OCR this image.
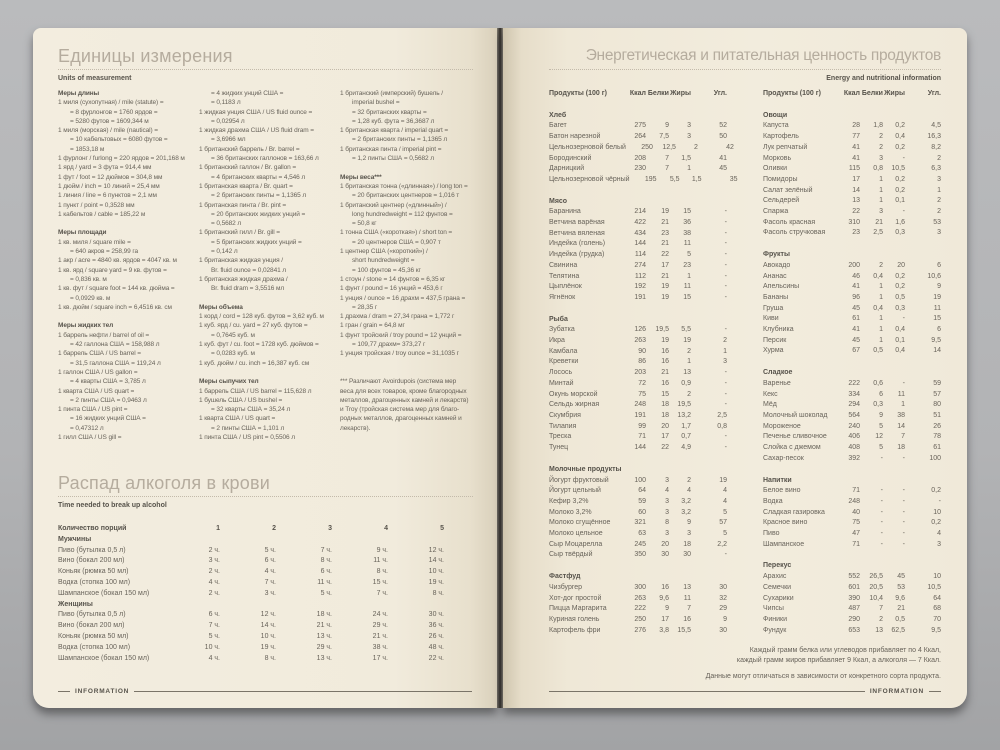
Единицы измерения
Units of measurement
Меры длины
1 миля (сухопутная) / mile (statute) =
= 8 фурлонгов = 1760 ярдов =
= 5280 футов = 1609,344 м
1 миля (морская) / mile (nautical) =
= 10 кабельтовых = 6080 футов =
= 1853,18 м
1 фурлонг / furlong = 220 ярдов = 201,168 м
1 ярд / yard = 3 фута = 914,4 мм
1 фут / foot = 12 дюймов = 304,8 мм
1 дюйм / inch = 10 линий = 25,4 мм
1 линия / line = 6 пунктов = 2,1 мм
1 пункт / point = 0,3528 мм
1 кабельтов / cable = 185,22 м
Меры площади
1 кв. миля / square mile =
= 640 акров = 258,99 га
1 акр / acre = 4840 кв. ярдов = 4047 кв. м
1 кв. ярд / square yard = 9 кв. футов =
= 0,836 кв. м
1 кв. фут / square foot = 144 кв. дюйма =
= 0,0929 кв. м
1 кв. дюйм / square inch = 6,4516 кв. см
Меры жидких тел
1 баррель нефти / barrel of oil =
= 42 галлона США = 158,988 л
1 баррель США / US barrel =
= 31,5 галлона США = 119,24 л
1 галлон США / US gallon =
= 4 кварты США = 3,785 л
1 кварта США / US quart =
= 2 пинты США = 0,9463 л
1 пинта США / US pint =
= 16 жидких унций США =
= 0,47312 л
1 гилл США / US gill =
= 4 жидких унций США =
= 0,1183 л
1 жидкая унция США / US fluid ounce =
= 0,02954 л
1 жидкая драхма США / US fluid dram =
= 3,6966 мл
1 британский баррель / Br. barrel =
= 36 британских галлонов = 163,66 л
1 британский галлон / Br. gallon =
= 4 британских кварты = 4,546 л
1 британская кварта / Br. quart =
= 2 британских пинты = 1,1365 л
1 британская пинта / Br. pint =
= 20 британских жидких унций =
= 0,5682 л
1 британский гилл / Br. gill =
= 5 британских жидких унций =
= 0,142 л
1 британская жидкая унция /
Br. fluid ounce = 0,02841 л
1 британская жидкая драхма /
Br. fluid dram = 3,5516 мл
Меры объема
1 корд / cord = 128 куб. футов = 3,62 куб. м
1 куб. ярд / cu. yard = 27 куб. футов =
= 0,7645 куб. м
1 куб. фут / cu. foot = 1728 куб. дюймов =
= 0,0283 куб. м
1 куб. дюйм / cu. inch = 16,387 куб. см
Меры сыпучих тел
1 баррель США / US barrel = 115,628 л
1 бушель США / US bushel =
= 32 кварты США = 35,24 л
1 кварта США / US quart =
= 2 пинты США = 1,101 л
1 пинта США / US pint = 0,5506 л
1 британский (имперский) бушель /
imperial bushel =
= 32 британских кварты =
= 1,28 куб. фута = 36,3687 л
1 британская кварта / imperial quart =
= 2 британских пинты = 1,1365 л
1 британская пинта / imperial pint =
= 1,2 пинты США = 0,5682 л
Меры веса***
1 британская тонна («длинная») / long ton =
= 20 британских центнеров = 1,016 т
1 британский центнер («длинный») /
long hundredweight = 112 фунтов =
= 50,8 кг
1 тонна США («короткая») / short ton =
= 20 центнеров США = 0,907 т
1 центнер США («короткий») /
short hundredweight =
= 100 фунтов = 45,36 кг
1 стоун / stone = 14 фунтов = 6,35 кг
1 фунт / pound = 16 унций = 453,6 г
1 унция / ounce = 16 драхм = 437,5 грана =
= 28,35 г
1 драхма / dram = 27,34 грана = 1,772 г
1 гран / grain = 64,8 мг
1 фунт тройский / troy pound = 12 унций =
= 109,77 драхм= 373,27 г
1 унция тройская / troy ounce = 31,1035 г
*** Различают Avoirdupois (система мер
веса для всех товаров, кроме благородных
металлов, драгоценных камней и лекарств)
и Troy (тройская система мер для благо-
родных металлов, драгоценных камней и
лекарств).
Распад алкоголя в крови
Time needed to break up alcohol
Количество порций	1	2	3	4	5
Мужчины
Пиво (бутылка 0,5 л)	2 ч.	5 ч.	7 ч.	9 ч.	12 ч.
Вино (бокал 200 мл)	3 ч.	6 ч.	8 ч.	11 ч.	14 ч.
Коньяк (рюмка 50 мл)	2 ч.	4 ч.	6 ч.	8 ч.	10 ч.
Водка (стопка 100 мл)	4 ч.	7 ч.	11 ч.	15 ч.	19 ч.
Шампанское (бокал 150 мл)	2 ч.	3 ч.	5 ч.	7 ч.	8 ч.
Женщины
Пиво (бутылка 0,5 л)	6 ч.	12 ч.	18 ч.	24 ч.	30 ч.
Вино (бокал 200 мл)	7 ч.	14 ч.	21 ч.	29 ч.	36 ч.
Коньяк (рюмка 50 мл)	5 ч.	10 ч.	13 ч.	21 ч.	26 ч.
Водка (стопка 100 мл)	10 ч.	19 ч.	29 ч.	38 ч.	48 ч.
Шампанское (бокал 150 мл)	4 ч.	8 ч.	13 ч.	17 ч.	22 ч.
INFORMATION
Энергетическая и питательная ценность продуктов
Energy and nutritional information
Продукты (100 г)	Ккал Белки Жиры	Угл.
Хлеб
Багет	275	9	3	52
Батон нарезной	264	7,5	3	50
Цельнозерновой белый	250	12,5	2	42
Бородинский	208	7	1,5	41
Дарницкий	230	7	1	45
Цельнозерновой чёрный	195	5,5	1,5	35
Мясо
Баранина	214	19	15	-
Ветчина варёная	422	21	36	-
Ветчина вяленая	434	23	38	-
Индейка (голень)	144	21	11	-
Индейка (грудка)	114	22	5	-
Свинина	274	17	23	-
Телятина	112	21	1	-
Цыплёнок	192	19	11	-
Ягнёнок	191	19	15	-
Рыба
Зубатка	126	19,5	5,5	-
Икра	263	19	19	2
Камбала	90	16	2	1
Креветки	86	16	1	3
Лосось	203	21	13	-
Минтай	72	16	0,9	-
Окунь морской	75	15	2	-
Сельдь жирная	248	18	19,5	-
Скумбрия	191	18	13,2	2,5
Тилапия	99	20	1,7	0,8
Треска	71	17	0,7	-
Тунец	144	22	4,9	-
Молочные продукты
Йогурт фруктовый	100	3	2	19
Йогурт цельный	64	4	4	4
Кефир 3,2%	59	3	3,2	4
Молоко 3,2%	60	3	3,2	5
Молоко сгущённое	321	8	9	57
Молоко цельное	63	3	3	5
Сыр Моцарелла	245	20	18	2,2
Сыр твёрдый	350	30	30	-
Фастфуд
Чизбургер	300	16	13	30
Хот-дог простой	263	9,6	11	32
Пицца Маргарита	222	9	7	29
Куриная голень	250	17	16	9
Картофель фри	276	3,8	15,5	30
Продукты (100 г)	Ккал Белки Жиры	Угл.
Овощи
Капуста	28	1,8	0,2	4,5
Картофель	77	2	0,4	16,3
Лук репчатый	41	2	0,2	8,2
Морковь	41	3	-	2
Оливки	115	0,8	10,5	6,3
Помидоры	17	1	0,2	3
Салат зелёный	14	1	0,2	1
Сельдерей	13	1	0,1	2
Спаржа	22	3	-	2
Фасоль красная	310	21	1,6	53
Фасоль стручковая	23	2,5	0,3	3
Фрукты
Авокадо	200	2	20	6
Ананас	46	0,4	0,2	10,6
Апельсины	41	1	0,2	9
Бананы	96	1	0,5	19
Груша	45	0,4	0,3	11
Киви	61	1	-	15
Клубника	41	1	0,4	6
Персик	45	1	0,1	9,5
Хурма	67	0,5	0,4	14
Сладкое
Варенье	222	0,6	-	59
Кекс	334	6	11	57
Мёд	294	0,3	1	80
Молочный шоколад	564	9	38	51
Мороженое	240	5	14	26
Печенье сливочное	406	12	7	78
Слойка с джемом	408	5	18	61
Сахар-песок	392	-	-	100
Напитки
Белое вино	71	-	-	0,2
Водка	248	-	-	-
Сладкая газировка	40	-	-	10
Красное вино	75	-	-	0,2
Пиво	47	-	-	4
Шампанское	71	-	-	3
Перекус
Арахис	552	26,5	45	10
Семечки	601	20,5	53	10,5
Сухарики	390	10,4	9,6	64
Чипсы	487	7	21	68
Финики	290	2	0,5	70
Фундук	653	13	62,5	9,5
Каждый грамм белка или углеводов прибавляет по 4 Ккал,
каждый грамм жиров прибавляет 9 Ккал, а алкоголя — 7 Ккал.
Данные могут отличаться в зависимости от конкретного сорта продукта.
INFORMATION
